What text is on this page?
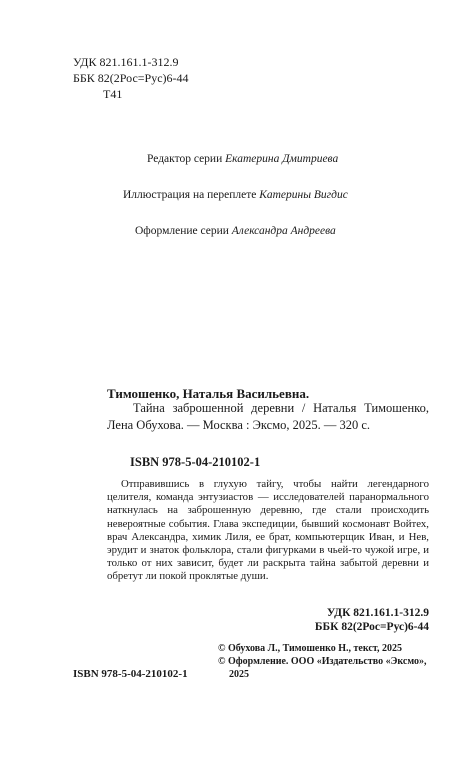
УДК 821.161.1-312.9
ББК 82(2Рос=Рус)6-44
Т41
Редактор серии Екатерина Дмитриева
Иллюстрация на переплете Катерины Вигдис
Оформление серии Александра Андреева
Тимошенко, Наталья Васильевна.
Тайна заброшенной деревни / Наталья Тимошенко, Лена Обухова. — Москва : Эксмо, 2025. — 320 с.
ISBN 978-5-04-210102-1
Отправившись в глухую тайгу, чтобы найти легендарного целителя, команда энтузиастов — исследователей паранормального наткнулась на заброшенную деревню, где стали происходить невероятные события. Глава экспедиции, бывший космонавт Войтех, врач Александра, химик Лиля, ее брат, компьютерщик Иван, и Нев, эрудит и знаток фольклора, стали фигурками в чьей-то чужой игре, и только от них зависит, будет ли раскрыта тайна забытой деревни и обретут ли покой проклятые души.
УДК 821.161.1-312.9
ББК 82(2Рос=Рус)6-44
© Обухова Л., Тимошенко Н., текст, 2025
© Оформление. ООО «Издательство «Эксмо»,
2025
ISBN 978-5-04-210102-1
